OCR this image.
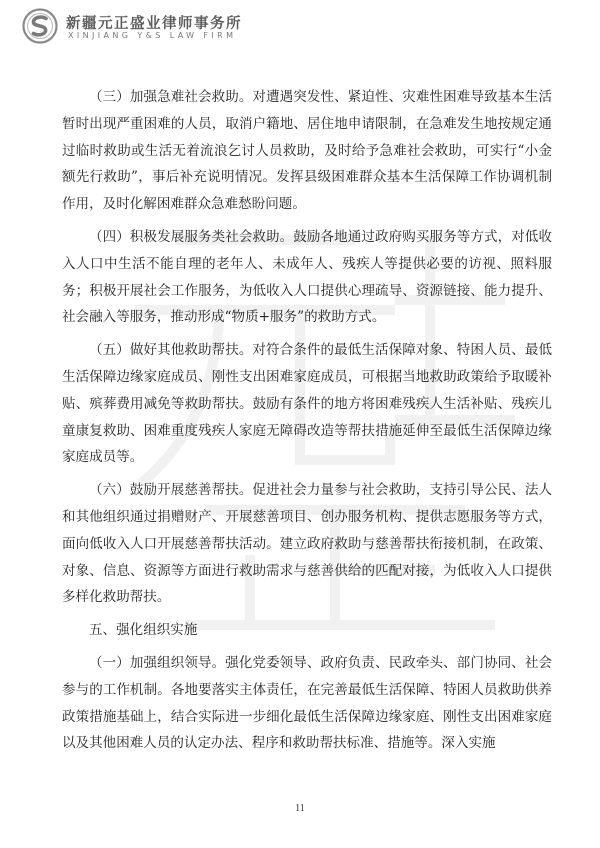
新疆元正盛业律师事务所
XINJIANG Y&S LAW FIRM

（三）加强急难社会救助。对遭遇突发性、紧迫性、灾难性困难导致基本生活暂时出现严重困难的人员，取消户籍地、居住地申请限制，在急难发生地按规定通过临时救助或生活无着流浪乞讨人员救助，及时给予急难社会救助，可实行“小金额先行救助”，事后补充说明情况。发挥县级困难群众基本生活保障工作协调机制作用，及时化解困难群众急难愁盼问题。

（四）积极发展服务类社会救助。鼓励各地通过政府购买服务等方式，对低收入人口中生活不能自理的老年人、未成年人、残疾人等提供必要的访视、照料服务；积极开展社会工作服务，为低收入人口提供心理疏导、资源链接、能力提升、社会融入等服务，推动形成“物质+服务”的救助方式。

（五）做好其他救助帮扶。对符合条件的最低生活保障对象、特困人员、最低生活保障边缘家庭成员、刚性支出困难家庭成员，可根据当地救助政策给予取暖补贴、殡葬费用减免等救助帮扶。鼓励有条件的地方将困难残疾人生活补贴、残疾儿童康复救助、困难重度残疾人家庭无障碍改造等帮扶措施延伸至最低生活保障边缘家庭成员等。

（六）鼓励开展慈善帮扶。促进社会力量参与社会救助，支持引导公民、法人和其他组织通过捐赠财产、开展慈善项目、创办服务机构、提供志愿服务等方式，面向低收入人口开展慈善帮扶活动。建立政府救助与慈善帮扶衔接机制，在政策、对象、信息、资源等方面进行救助需求与慈善供给的匹配对接，为低收入人口提供多样化救助帮扶。

五、强化组织实施

（一）加强组织领导。强化党委领导、政府负责、民政牵头、部门协同、社会参与的工作机制。各地要落实主体责任，在完善最低生活保障、特困人员救助供养政策措施基础上，结合实际进一步细化最低生活保障边缘家庭、刚性支出困难家庭以及其他困难人员的认定办法、程序和救助帮扶标准、措施等。深入实施

11
